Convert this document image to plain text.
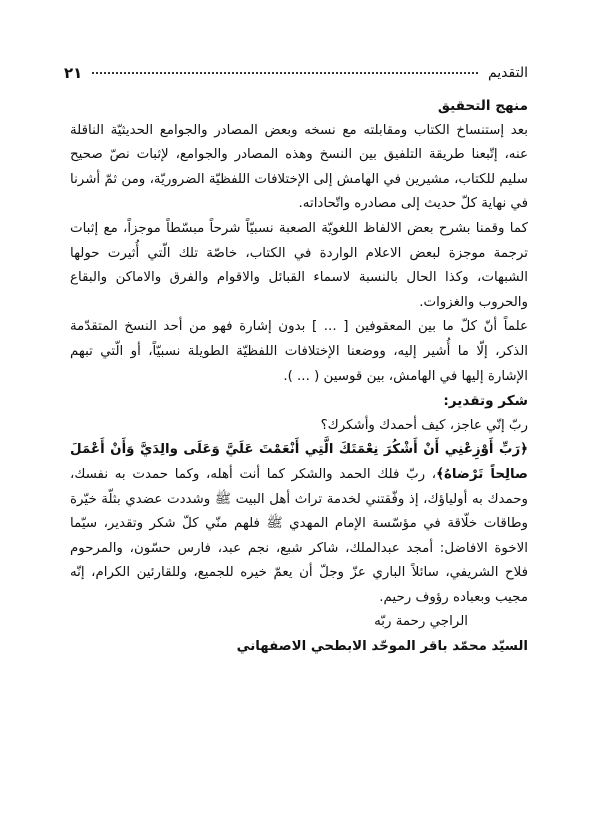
التقديم
٢١

منهج التحقيق

بعد إستنساخ الكتاب ومقابلته مع نسخه وبعض المصادر والجوامع الحديثيّة الناقلة عنه، إتّبعنا طريقة التلفيق بين النسخ وهذه المصادر والجوامع، لإثبات نصّ صحيح سليم للكتاب، مشيرين في الهامش إلى الإختلافات اللفظيّة الضروريّة، ومن ثمّ أشرنا في نهاية كلّ حديث إلى مصادره واتّحاداته.

كما وقمنا بشرح بعض الالفاظ اللغويّة الصعبة نسبيّاً شرحاً مبسّطاً موجزاً، مع إثبات ترجمة موجزة لبعض الاعلام الواردة في الكتاب، خاصّة تلك الّتي أُثيرت حولها الشبهات، وكذا الحال بالنسبة لاسماء القبائل والاقوام والفرق والاماكن والبقاع والحروب والغزوات.

علماً أنّ كلّ ما بين المعقوفين [ ... ] بدون إشارة فهو من أحد النسخ المتقدّمة الذكر، إلّا ما أُشير إليه، ووضعنا الإختلافات اللفظيّة الطويلة نسبيّاً، أو الّتي تبهم الإشارة إليها في الهامش، بين قوسين ( ... ).

شكر وتقدير:

ربّ إنّي عاجز، كيف أحمدك وأشكرك؟

﴿رَبِّ أَوْزِعْنِي أَنْ أَشْكُرَ نِعْمَتَكَ الَّتِي أَنْعَمْتَ عَلَيَّ وَعَلَى والِدَيَّ وَأَنْ أَعْمَلَ صالِحاً تَرْضاهُ﴾، ربّ فلك الحمد والشكر كما أنت أهله، وكما حمدت به نفسك، وحمدك به أولياؤك، إذ وفّقتني لخدمة تراث أهل البيت ﷺ وشددت عضدي بثلّة خيّرة وطاقات خلّاقة في مؤسّسة الإمام المهدي ﷺ فلهم منّي كلّ شكر وتقدير، سيّما الاخوة الافاضل: أمجد عبدالملك، شاكر شبع، نجم عبد، فارس حسّون، والمرحوم فلاح الشريفي، سائلاً الباري عزّ وجلّ أن يعمّ خيره للجميع، وللقارئين الكرام، إنّه مجيب وبعباده رؤوف رحيم.

الراجي رحمة ربّه

السيّد محمّد باقر الموحّد الابطحي الاصفهاني
